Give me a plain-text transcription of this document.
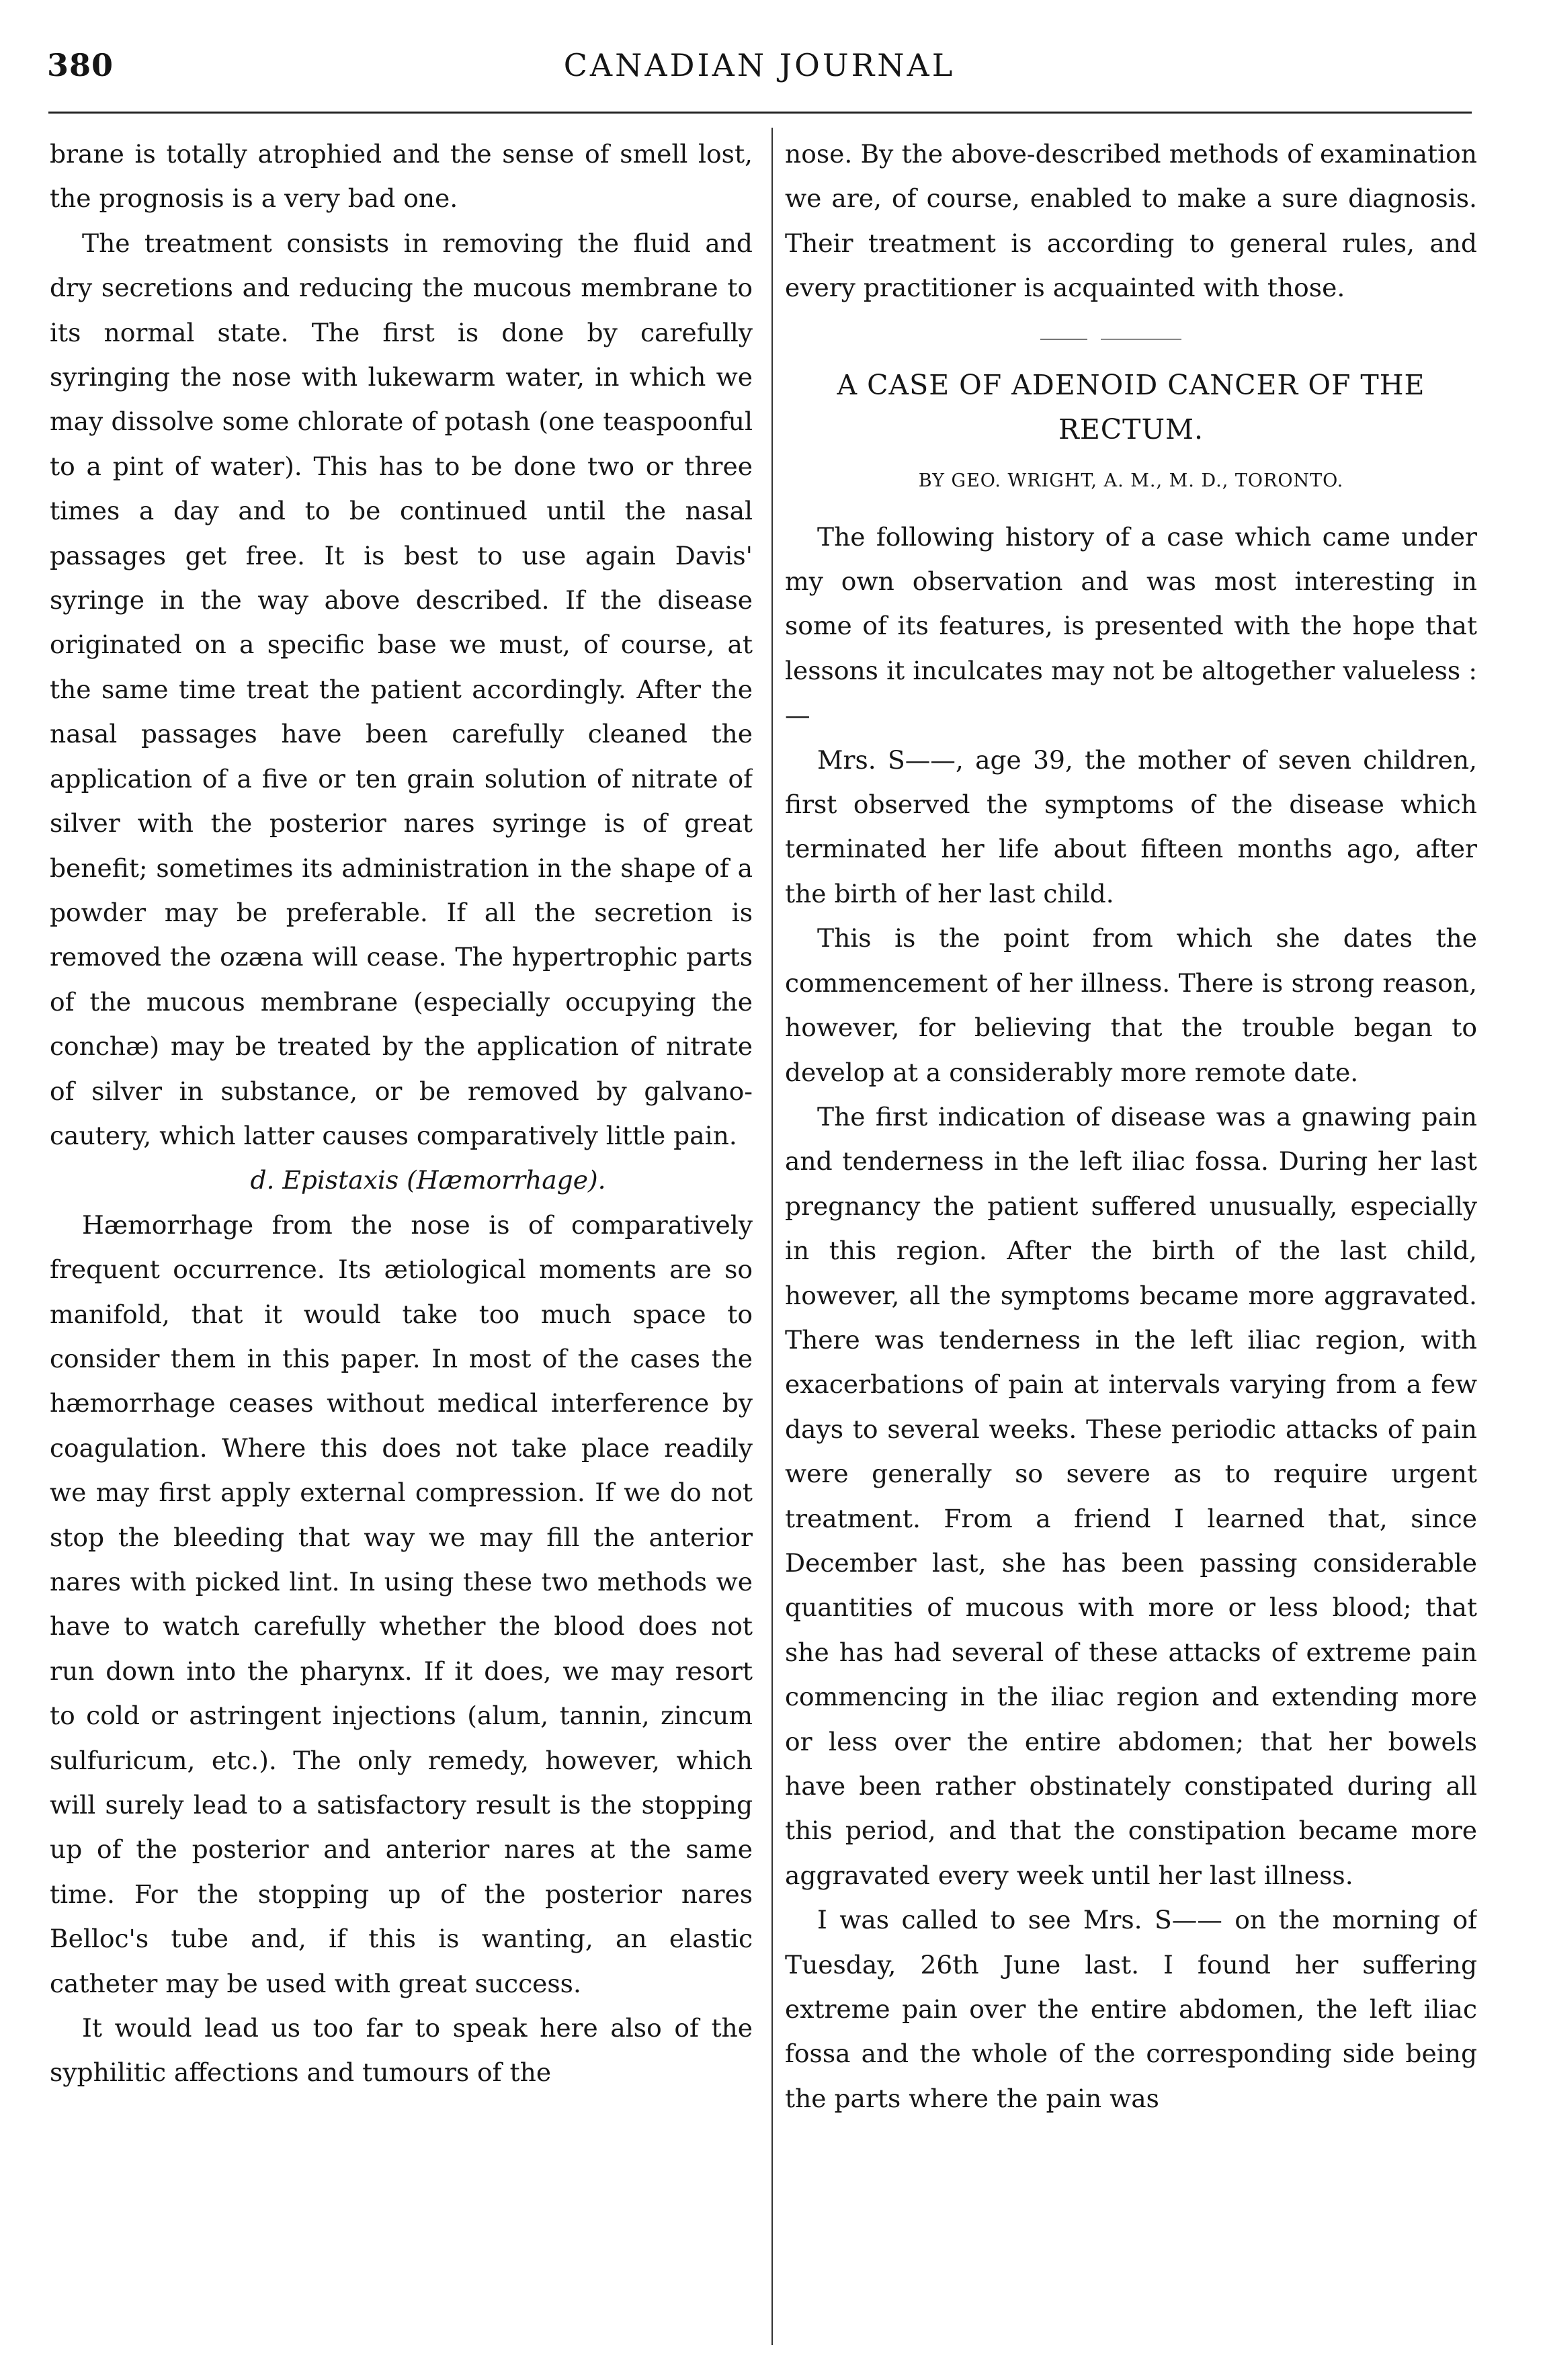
380	CANADIAN JOURNAL

brane is totally atrophied and the sense of smell lost, the prognosis is a very bad one.

The treatment consists in removing the fluid and dry secretions and reducing the mucous membrane to its normal state. The first is done by carefully syringing the nose with lukewarm water, in which we may dissolve some chlorate of potash (one teaspoonful to a pint of water). This has to be done two or three times a day and to be continued until the nasal passages get free. It is best to use again Davis' syringe in the way above described. If the disease originated on a specific base we must, of course, at the same time treat the patient accordingly. After the nasal passages have been carefully cleaned the application of a five or ten grain solution of nitrate of silver with the posterior nares syringe is of great benefit; sometimes its administration in the shape of a powder may be preferable. If all the secretion is removed the ozæna will cease. The hypertrophic parts of the mucous membrane (especially occupying the conchæ) may be treated by the application of nitrate of silver in substance, or be removed by galvano-cautery, which latter causes comparatively little pain.

d. Epistaxis (Hæmorrhage).

Hæmorrhage from the nose is of comparatively frequent occurrence. Its ætiological moments are so manifold, that it would take too much space to consider them in this paper. In most of the cases the hæmorrhage ceases without medical interference by coagulation. Where this does not take place readily we may first apply external compression. If we do not stop the bleeding that way we may fill the anterior nares with picked lint. In using these two methods we have to watch carefully whether the blood does not run down into the pharynx. If it does, we may resort to cold or astringent injections (alum, tannin, zincum sulfuricum, etc.). The only remedy, however, which will surely lead to a satisfactory result is the stopping up of the posterior and anterior nares at the same time. For the stopping up of the posterior nares Belloc's tube and, if this is wanting, an elastic catheter may be used with great success.

It would lead us too far to speak here also of the syphilitic affections and tumours of the

nose. By the above-described methods of examination we are, of course, enabled to make a sure diagnosis. Their treatment is according to general rules, and every practitioner is acquainted with those.

A CASE OF ADENOID CANCER OF THE RECTUM.
BY GEO. WRIGHT, A. M., M. D., TORONTO.

The following history of a case which came under my own observation and was most interesting in some of its features, is presented with the hope that lessons it inculcates may not be altogether valueless :—

Mrs. S——, age 39, the mother of seven children, first observed the symptoms of the disease which terminated her life about fifteen months ago, after the birth of her last child.

This is the point from which she dates the commencement of her illness. There is strong reason, however, for believing that the trouble began to develop at a considerably more remote date.

The first indication of disease was a gnawing pain and tenderness in the left iliac fossa. During her last pregnancy the patient suffered unusually, especially in this region. After the birth of the last child, however, all the symptoms became more aggravated. There was tenderness in the left iliac region, with exacerbations of pain at intervals varying from a few days to several weeks. These periodic attacks of pain were generally so severe as to require urgent treatment. From a friend I learned that, since December last, she has been passing considerable quantities of mucous with more or less blood; that she has had several of these attacks of extreme pain commencing in the iliac region and extending more or less over the entire abdomen; that her bowels have been rather obstinately constipated during all this period, and that the constipation became more aggravated every week until her last illness.

I was called to see Mrs. S—— on the morning of Tuesday, 26th June last. I found her suffering extreme pain over the entire abdomen, the left iliac fossa and the whole of the corresponding side being the parts where the pain was
